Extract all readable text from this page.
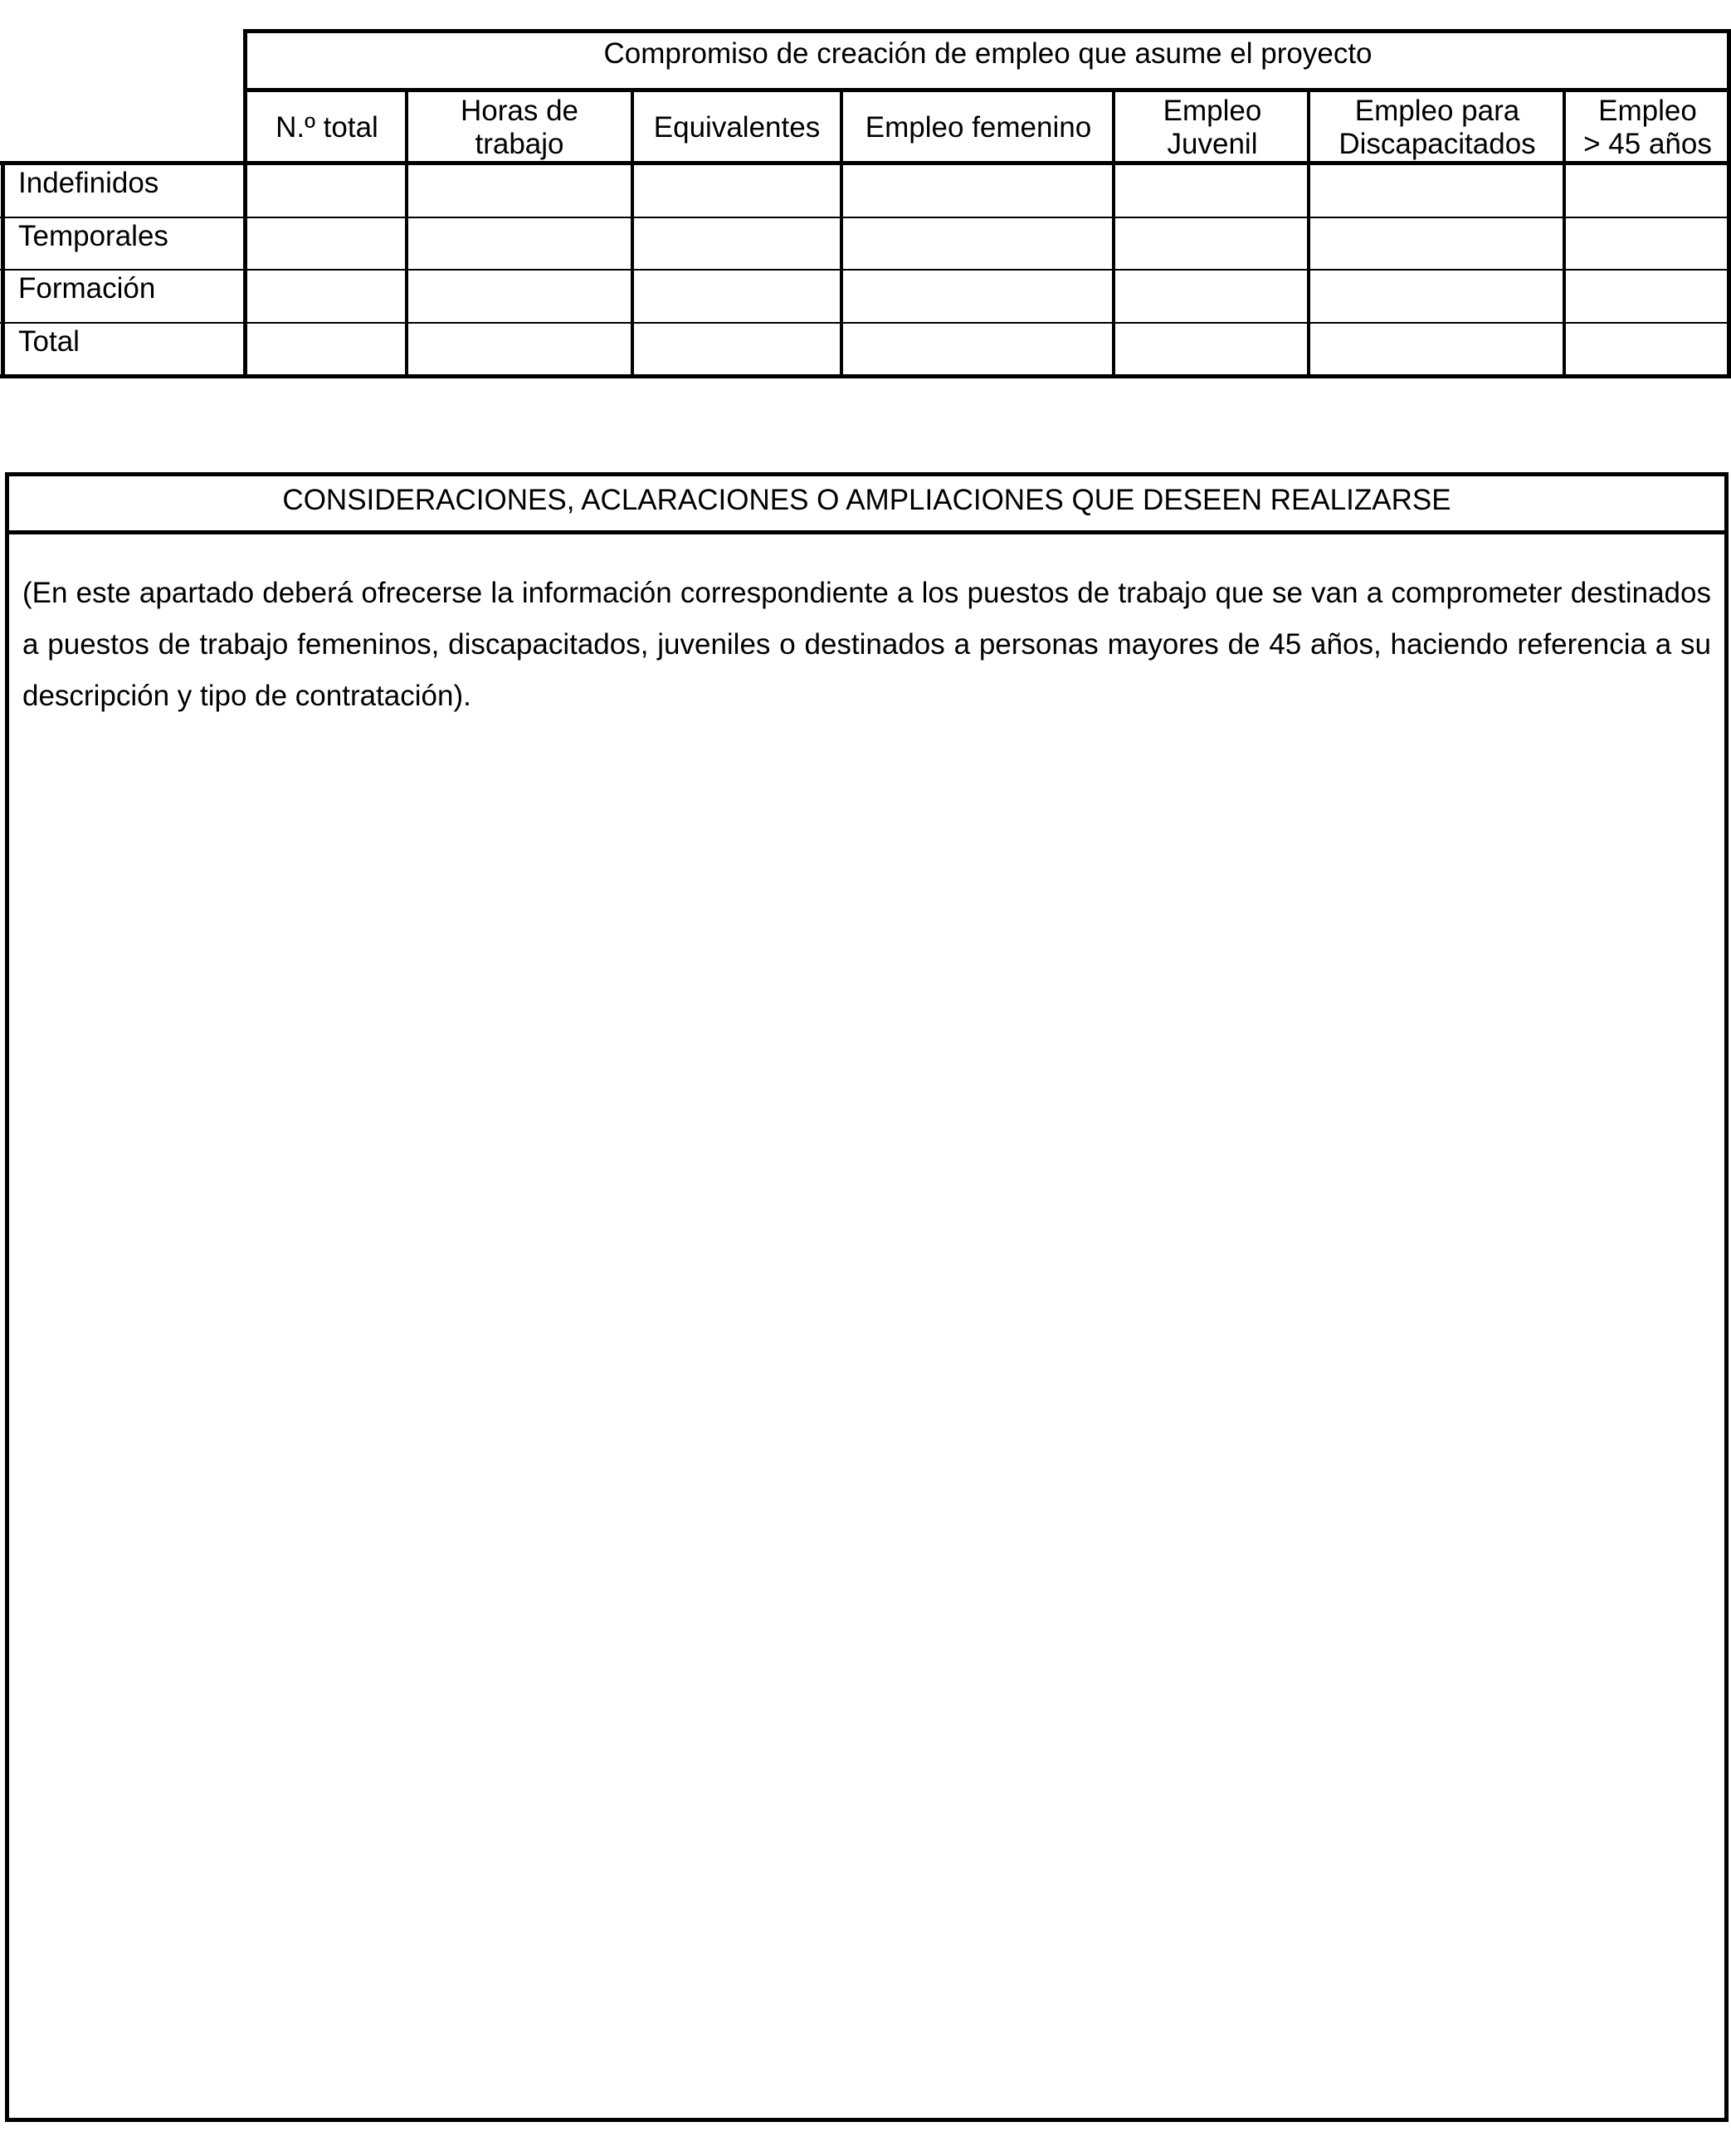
Compromiso de creación de empleo que asume el proyecto
N.º total
Horas de
trabajo
Equivalentes Empleo femenino
Empleo
Juvenil
Empleo para
Discapacitados
Empleo
> 45 años
Indefinidos
Temporales
Formación
Total
CONSIDERACIONES, ACLARACIONES O AMPLIACIONES QUE DESEEN REALIZARSE
(En este apartado deberá ofrecerse la información correspondiente a los puestos de trabajo que se van a comprometer destinados a puestos de trabajo femeninos, discapacitados, juveniles o destinados a personas mayores de 45 años, haciendo referencia a su descripción y tipo de contratación).
